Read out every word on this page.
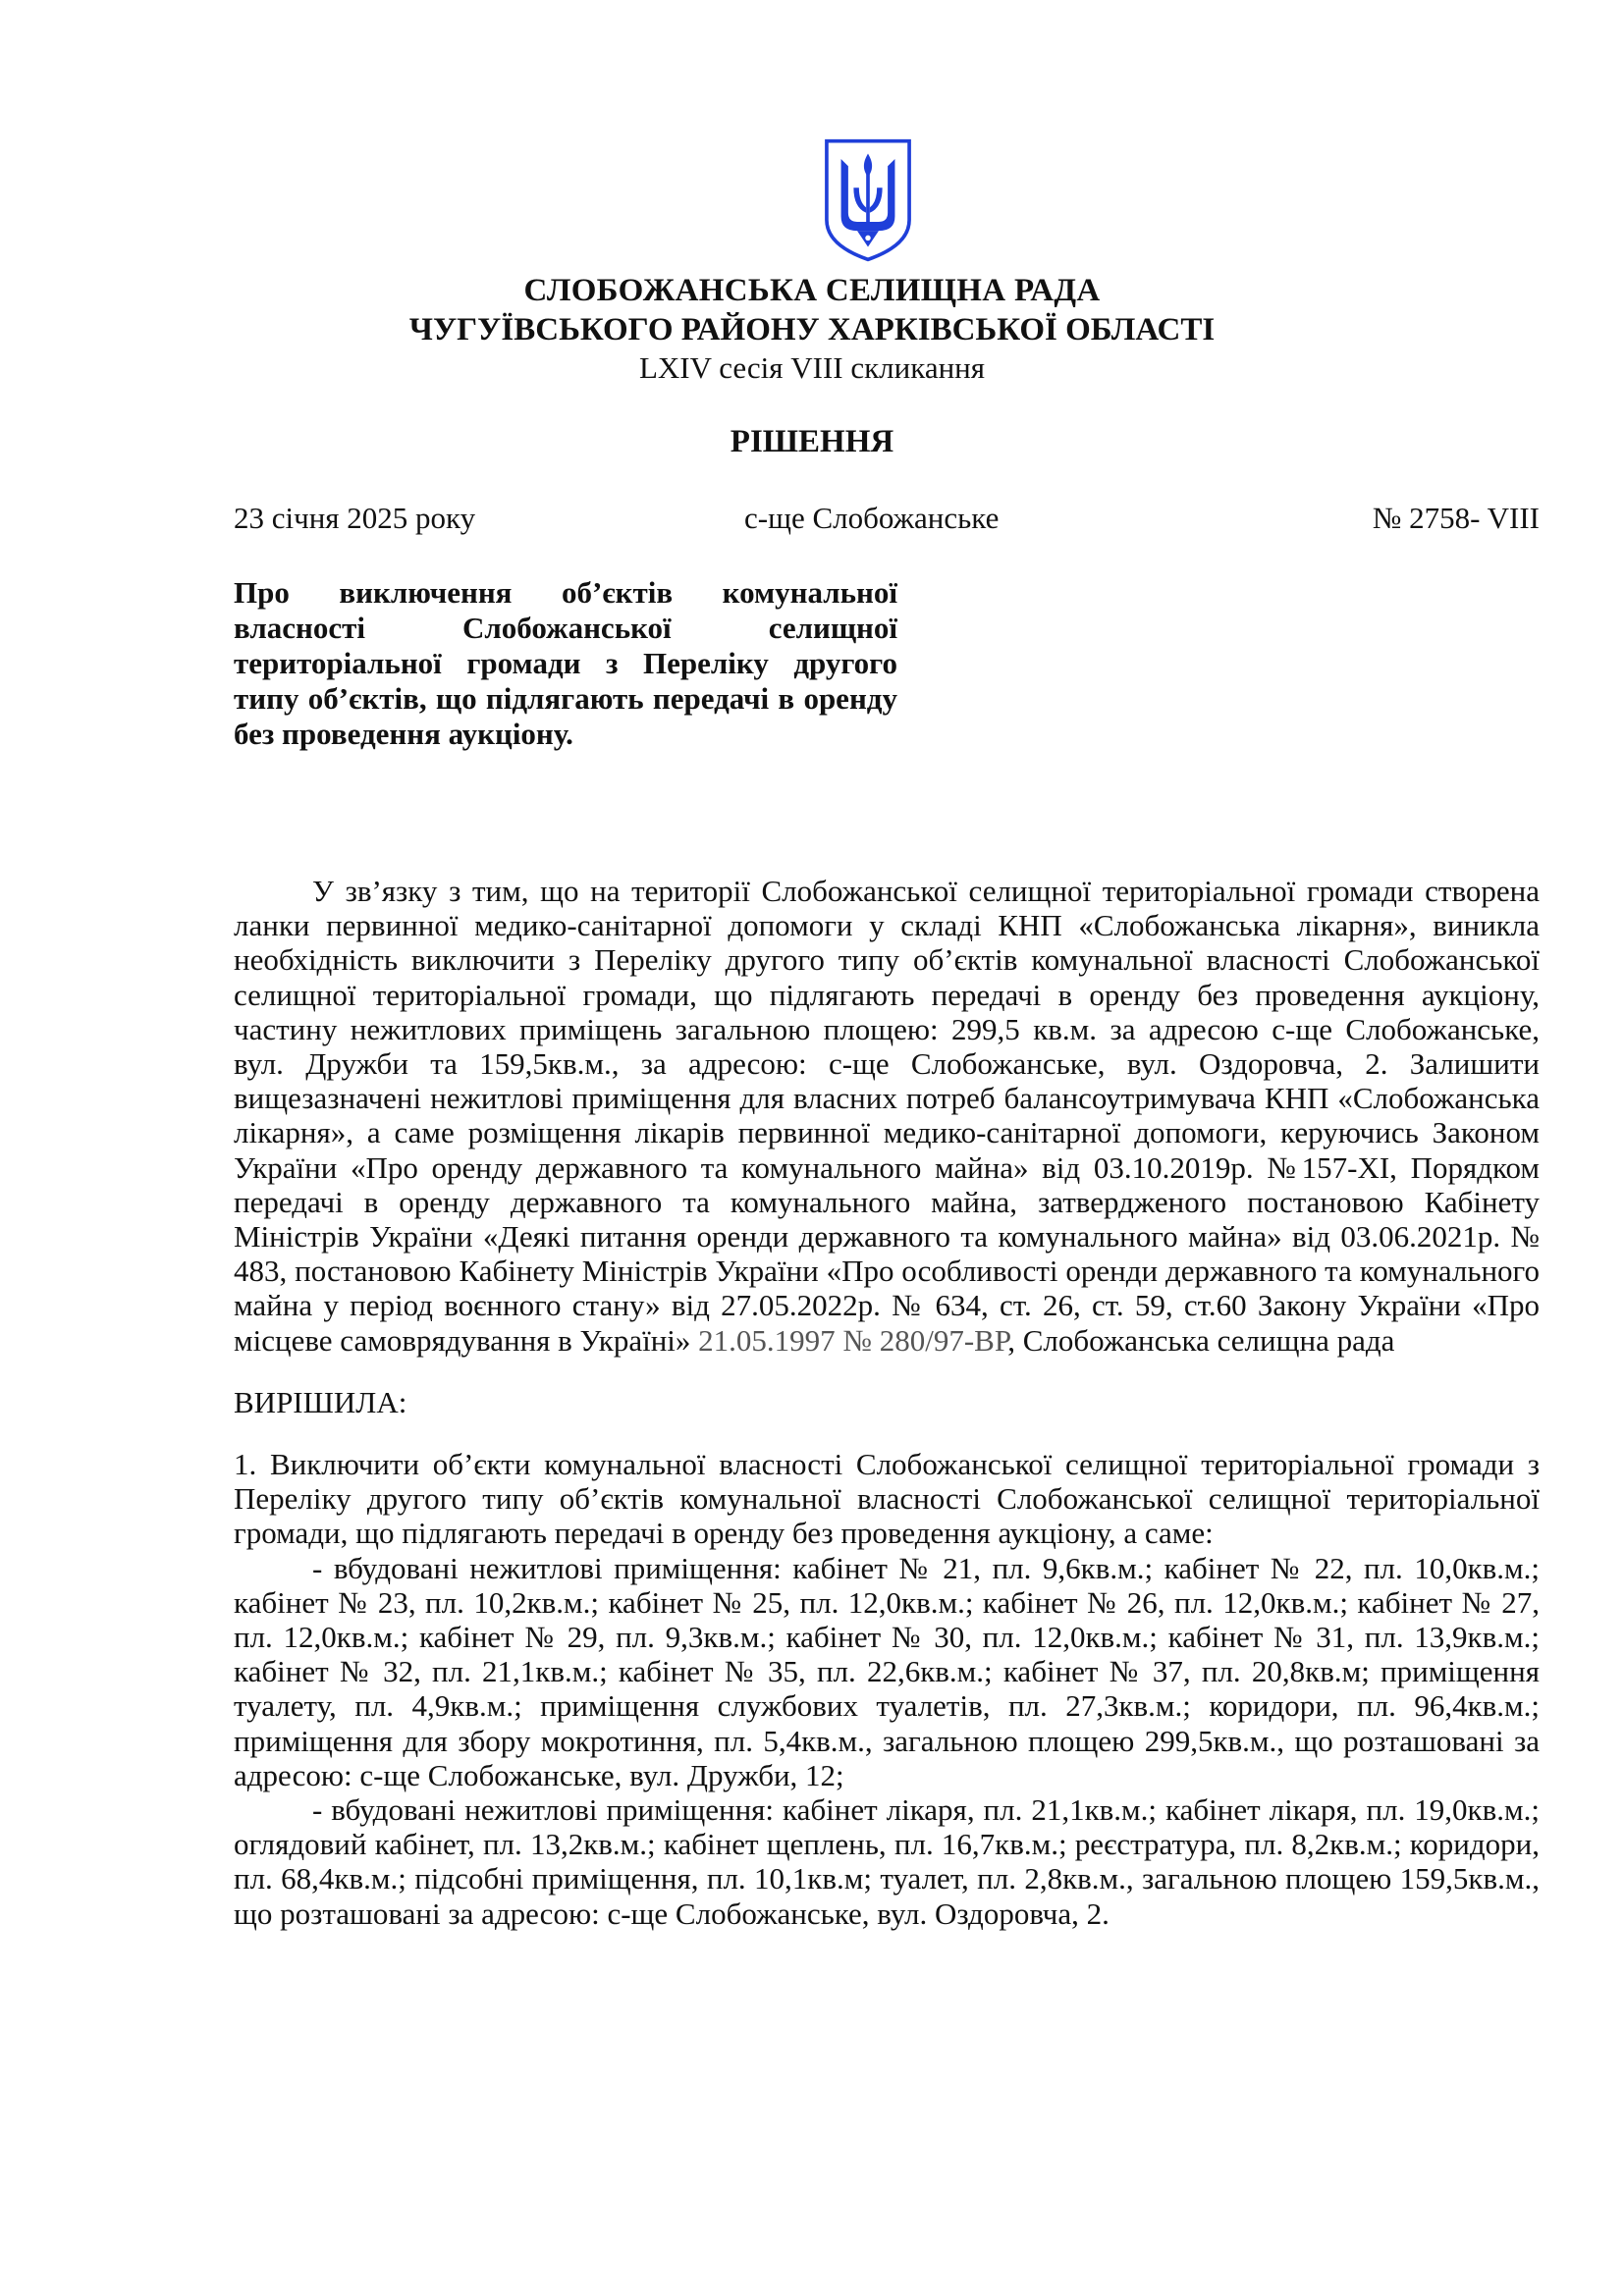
СЛОБОЖАНСЬКА СЕЛИЩНА РАДА
ЧУГУЇВСЬКОГО РАЙОНУ ХАРКІВСЬКОЇ ОБЛАСТІ
LXIV сесія VIII скликання
РІШЕННЯ
23 січня 2025 року	с-ще Слобожанське	№ 2758- VIII
Про виключення об’єктів комунальної власності Слобожанської селищної територіальної громади з Переліку другого типу об’єктів, що підлягають передачі в оренду без проведення аукціону.

У зв’язку з тим, що на території Слобожанської селищної територіальної громади створена ланки первинної медико-санітарної допомоги у складі КНП «Слобожанська лікарня», виникла необхідність виключити з Переліку другого типу об’єктів комунальної власності Слобожанської селищної територіальної громади, що підлягають передачі в оренду без проведення аукціону, частину нежитлових приміщень загальною площею: 299,5 кв.м. за адресою с-ще Слобожанське, вул. Дружби та 159,5кв.м., за адресою: с-ще Слобожанське, вул. Оздоровча, 2. Залишити вищезазначені нежитлові приміщення для власних потреб балансоутримувача КНП «Слобожанська лікарня», а саме розміщення лікарів первинної медико-санітарної допомоги, керуючись Законом України «Про оренду державного та комунального майна» від 03.10.2019р. №157-ХІ, Порядком передачі в оренду державного та комунального майна, затвердженого постановою Кабінету Міністрів України «Деякі питання оренди державного та комунального майна» від 03.06.2021р. № 483, постановою Кабінету Міністрів України «Про особливості оренди державного та комунального майна у період воєнного стану» від 27.05.2022р. № 634, ст. 26, ст. 59, ст.60 Закону України «Про місцеве самоврядування в Україні» 21.05.1997 № 280/97-ВР, Слобожанська селищна рада

ВИРІШИЛА:

1. Виключити об’єкти комунальної власності Слобожанської селищної територіальної громади з Переліку другого типу об’єктів комунальної власності Слобожанської селищної територіальної громади, що підлягають передачі в оренду без проведення аукціону, а саме:

- вбудовані нежитлові приміщення: кабінет № 21, пл. 9,6кв.м.; кабінет № 22, пл. 10,0кв.м.; кабінет № 23, пл. 10,2кв.м.; кабінет № 25, пл. 12,0кв.м.; кабінет № 26, пл. 12,0кв.м.; кабінет № 27, пл. 12,0кв.м.; кабінет № 29, пл. 9,3кв.м.; кабінет № 30, пл. 12,0кв.м.; кабінет № 31, пл. 13,9кв.м.; кабінет № 32, пл. 21,1кв.м.; кабінет № 35, пл. 22,6кв.м.; кабінет № 37, пл. 20,8кв.м; приміщення туалету, пл. 4,9кв.м.; приміщення службових туалетів, пл. 27,3кв.м.; коридори, пл. 96,4кв.м.; приміщення для збору мокротиння, пл. 5,4кв.м., загальною площею 299,5кв.м., що розташовані за адресою: с-ще Слобожанське, вул. Дружби, 12;

- вбудовані нежитлові приміщення: кабінет лікаря, пл. 21,1кв.м.; кабінет лікаря, пл. 19,0кв.м.; оглядовий кабінет, пл. 13,2кв.м.; кабінет щеплень, пл. 16,7кв.м.; реєстратура, пл. 8,2кв.м.; коридори, пл. 68,4кв.м.; підсобні приміщення, пл. 10,1кв.м; туалет, пл. 2,8кв.м., загальною площею 159,5кв.м., що розташовані за адресою: с-ще Слобожанське, вул. Оздоровча, 2.
